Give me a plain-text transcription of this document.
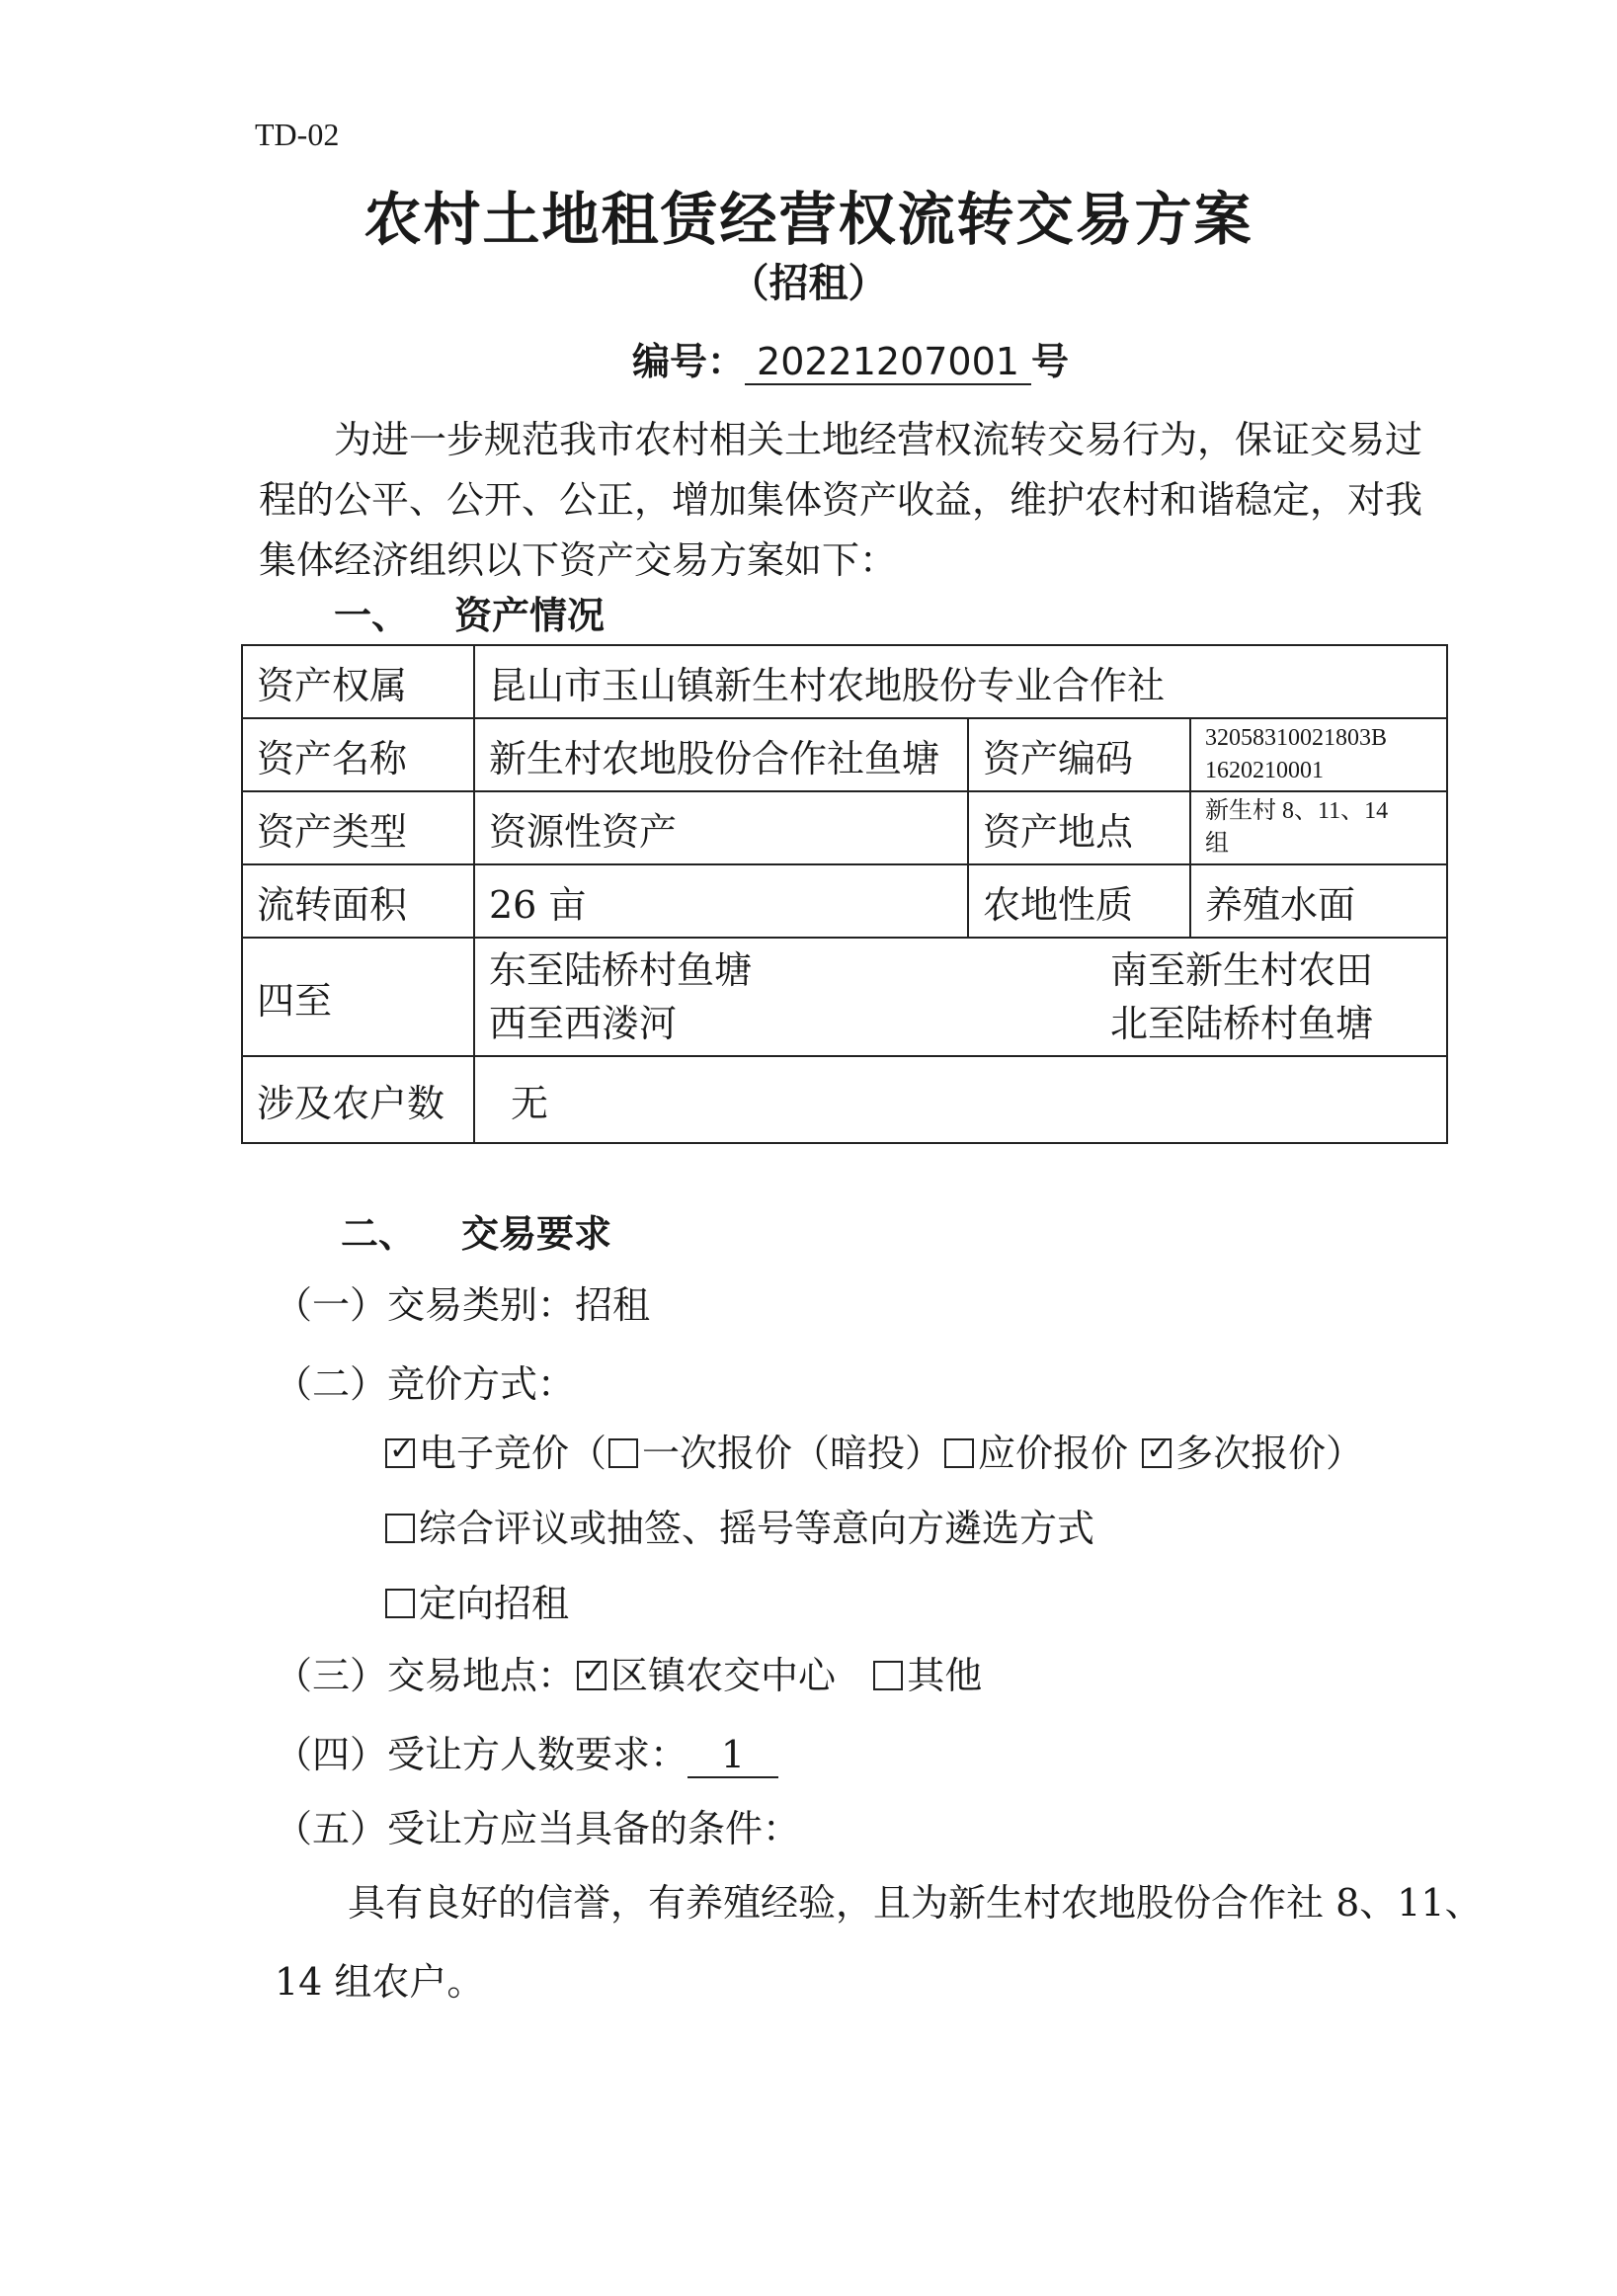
TD-02
农村土地租赁经营权流转交易方案
（招租）
编号： 20221207001 号
为进一步规范我市农村相关土地经营权流转交易行为，保证交易过程的公平、公开、公正，增加集体资产收益，维护农村和谐稳定，对我集体经济组织以下资产交易方案如下：
一、 资产情况
资产权属	昆山市玉山镇新生村农地股份专业合作社		
资产名称	新生村农地股份合作社鱼塘	资产编码	32058310021803B
1620210001

资产类型	资源性资产	资产地点	新生村 8、11、14
组

流转面积	26 亩	农地性质	养殖水面
四至	东至陆桥村鱼塘 南至新生村农田
西至西溇河 北至陆桥村鱼塘		

涉及农户数	无		
二、 交易要求
（一）交易类别：招租
（二）竞价方式：
✓电子竞价（ 一次报价（暗投） 应价报价 ✓ 多次报价）
综合评议或抽签、摇号等意向方遴选方式
定向招租
（三）交易地点： ✓ 区镇农交中心 其他
（四）受让方人数要求： 1
（五）受让方应当具备的条件：
具有良好的信誉，有养殖经验，且为新生村农地股份合作社 8、11、
14 组农户。
